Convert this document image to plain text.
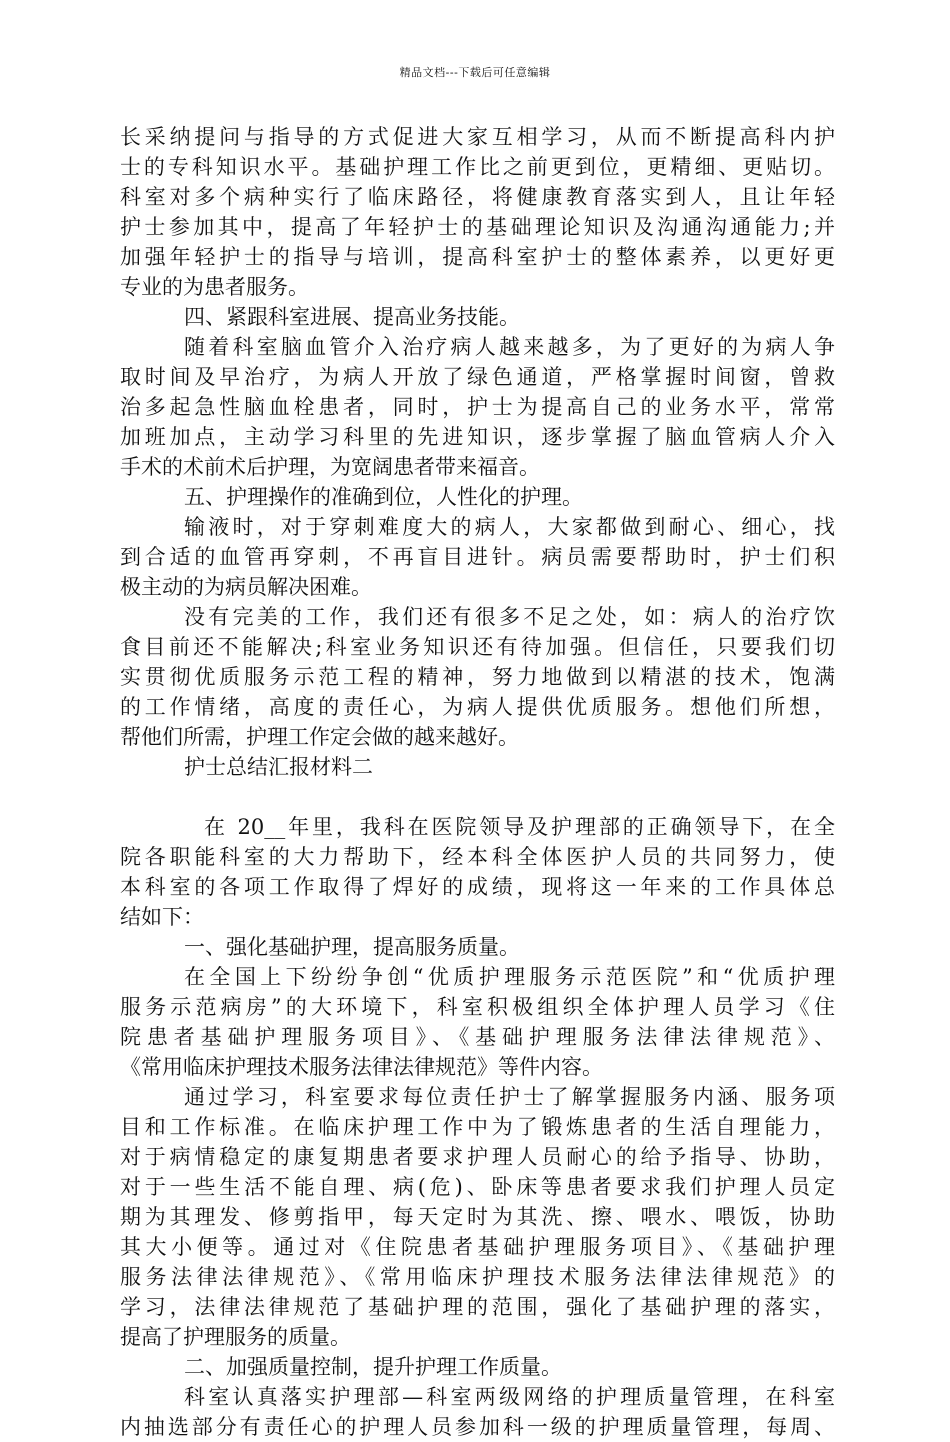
精品文档---下载后可任意编辑
长采纳提问与指导的方式促进大家互相学习，从而不断提高科内护
士的专科知识水平。基础护理工作比之前更到位，更精细、更贴切。
科室对多个病种实行了临床路径，将健康教育落实到人，且让年轻
护士参加其中，提高了年轻护士的基础理论知识及沟通沟通能力;并
加强年轻护士的指导与培训，提高科室护士的整体素养，以更好更
专业的为患者服务。
四、紧跟科室进展、提高业务技能。
随着科室脑血管介入治疗病人越来越多，为了更好的为病人争
取时间及早治疗，为病人开放了绿色通道，严格掌握时间窗，曾救
治多起急性脑血栓患者，同时，护士为提高自己的业务水平，常常
加班加点，主动学习科里的先进知识，逐步掌握了脑血管病人介入
手术的术前术后护理，为宽阔患者带来福音。
五、护理操作的准确到位，人性化的护理。
输液时，对于穿刺难度大的病人，大家都做到耐心、细心，找
到合适的血管再穿刺，不再盲目进针。病员需要帮助时，护士们积
极主动的为病员解决困难。
没有完美的工作，我们还有很多不足之处，如：病人的治疗饮
食目前还不能解决;科室业务知识还有待加强。但信任，只要我们切
实贯彻优质服务示范工程的精神，努力地做到以精湛的技术，饱满
的工作情绪，高度的责任心，为病人提供优质服务。想他们所想，
帮他们所需，护理工作定会做的越来越好。
护士总结汇报材料二
在 20__年里，我科在医院领导及护理部的正确领导下，在全
院各职能科室的大力帮助下，经本科全体医护人员的共同努力，使
本科室的各项工作取得了焊好的成绩，现将这一年来的工作具体总
结如下：
一、强化基础护理，提高服务质量。
在全国上下纷纷争创“优质护理服务示范医院”和“优质护理
服务示范病房”的大环境下，科室积极组织全体护理人员学习《住
院患者基础护理服务项目》、《基础护理服务法律法律规范》、
《常用临床护理技术服务法律法律规范》等件内容。
通过学习，科室要求每位责任护士了解掌握服务内涵、服务项
目和工作标准。在临床护理工作中为了锻炼患者的生活自理能力，
对于病情稳定的康复期患者要求护理人员耐心的给予指导、协助，
对于一些生活不能自理、病(危)、卧床等患者要求我们护理人员定
期为其理发、修剪指甲，每天定时为其洗、擦、喂水、喂饭，协助
其大小便等。通过对《住院患者基础护理服务项目》、《基础护理
服务法律法律规范》、《常用临床护理技术服务法律法律规范》的
学习，法律法律规范了基础护理的范围，强化了基础护理的落实，
提高了护理服务的质量。
二、加强质量控制，提升护理工作质量。
科室认真落实护理部—科室两级网络的护理质量管理，在科室
内抽选部分有责任心的护理人员参加科一级的护理质量管理，每周、
